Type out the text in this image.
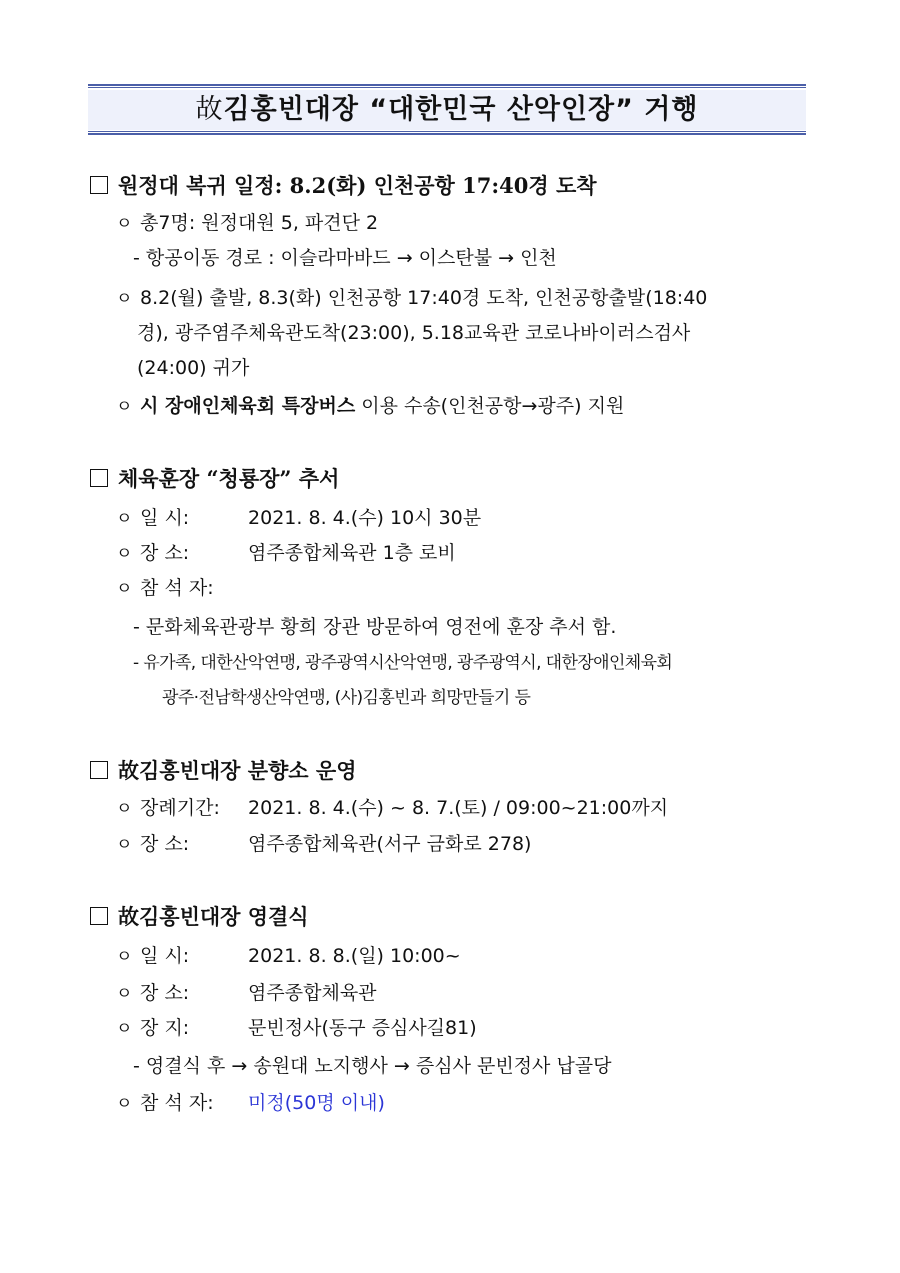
故김홍빈대장 “대한민국 산악인장” 거행
원정대 복귀 일정: 8.2(화) 인천공항 17:40경 도착
ㅇ 총7명: 원정대원 5, 파견단 2
- 항공이동 경로 : 이슬라마바드 → 이스탄불 → 인천
ㅇ 8.2(월) 출발, 8.3(화) 인천공항 17:40경 도착, 인천공항출발(18:40
경), 광주염주체육관도착(23:00), 5.18교육관 코로나바이러스검사
(24:00) 귀가
ㅇ 시 장애인체육회 특장버스 이용 수송(인천공항→광주) 지원
체육훈장 “청룡장” 추서
ㅇ 일 시:	2021. 8. 4.(수) 10시 30분
ㅇ 장 소:	염주종합체육관 1층 로비
ㅇ 참 석 자:
- 문화체육관광부 황희 장관 방문하여 영전에 훈장 추서 함.
- 유가족, 대한산악연맹, 광주광역시산악연맹, 광주광역시, 대한장애인체육회
광주‧전남학생산악연맹, (사)김홍빈과 희망만들기 등
故김홍빈대장 분향소 운영
ㅇ 장례기간: 2021. 8. 4.(수) ~ 8. 7.(토) / 09:00~21:00까지
ㅇ 장 소:	염주종합체육관(서구 금화로 278)
故김홍빈대장 영결식
ㅇ 일 시:	2021. 8. 8.(일) 10:00~
ㅇ 장 소:	염주종합체육관
ㅇ 장 지:	문빈정사(동구 증심사길81)
- 영결식 후 → 송원대 노지행사 → 증심사 문빈정사 납골당
ㅇ 참 석 자: 미정(50명 이내)
